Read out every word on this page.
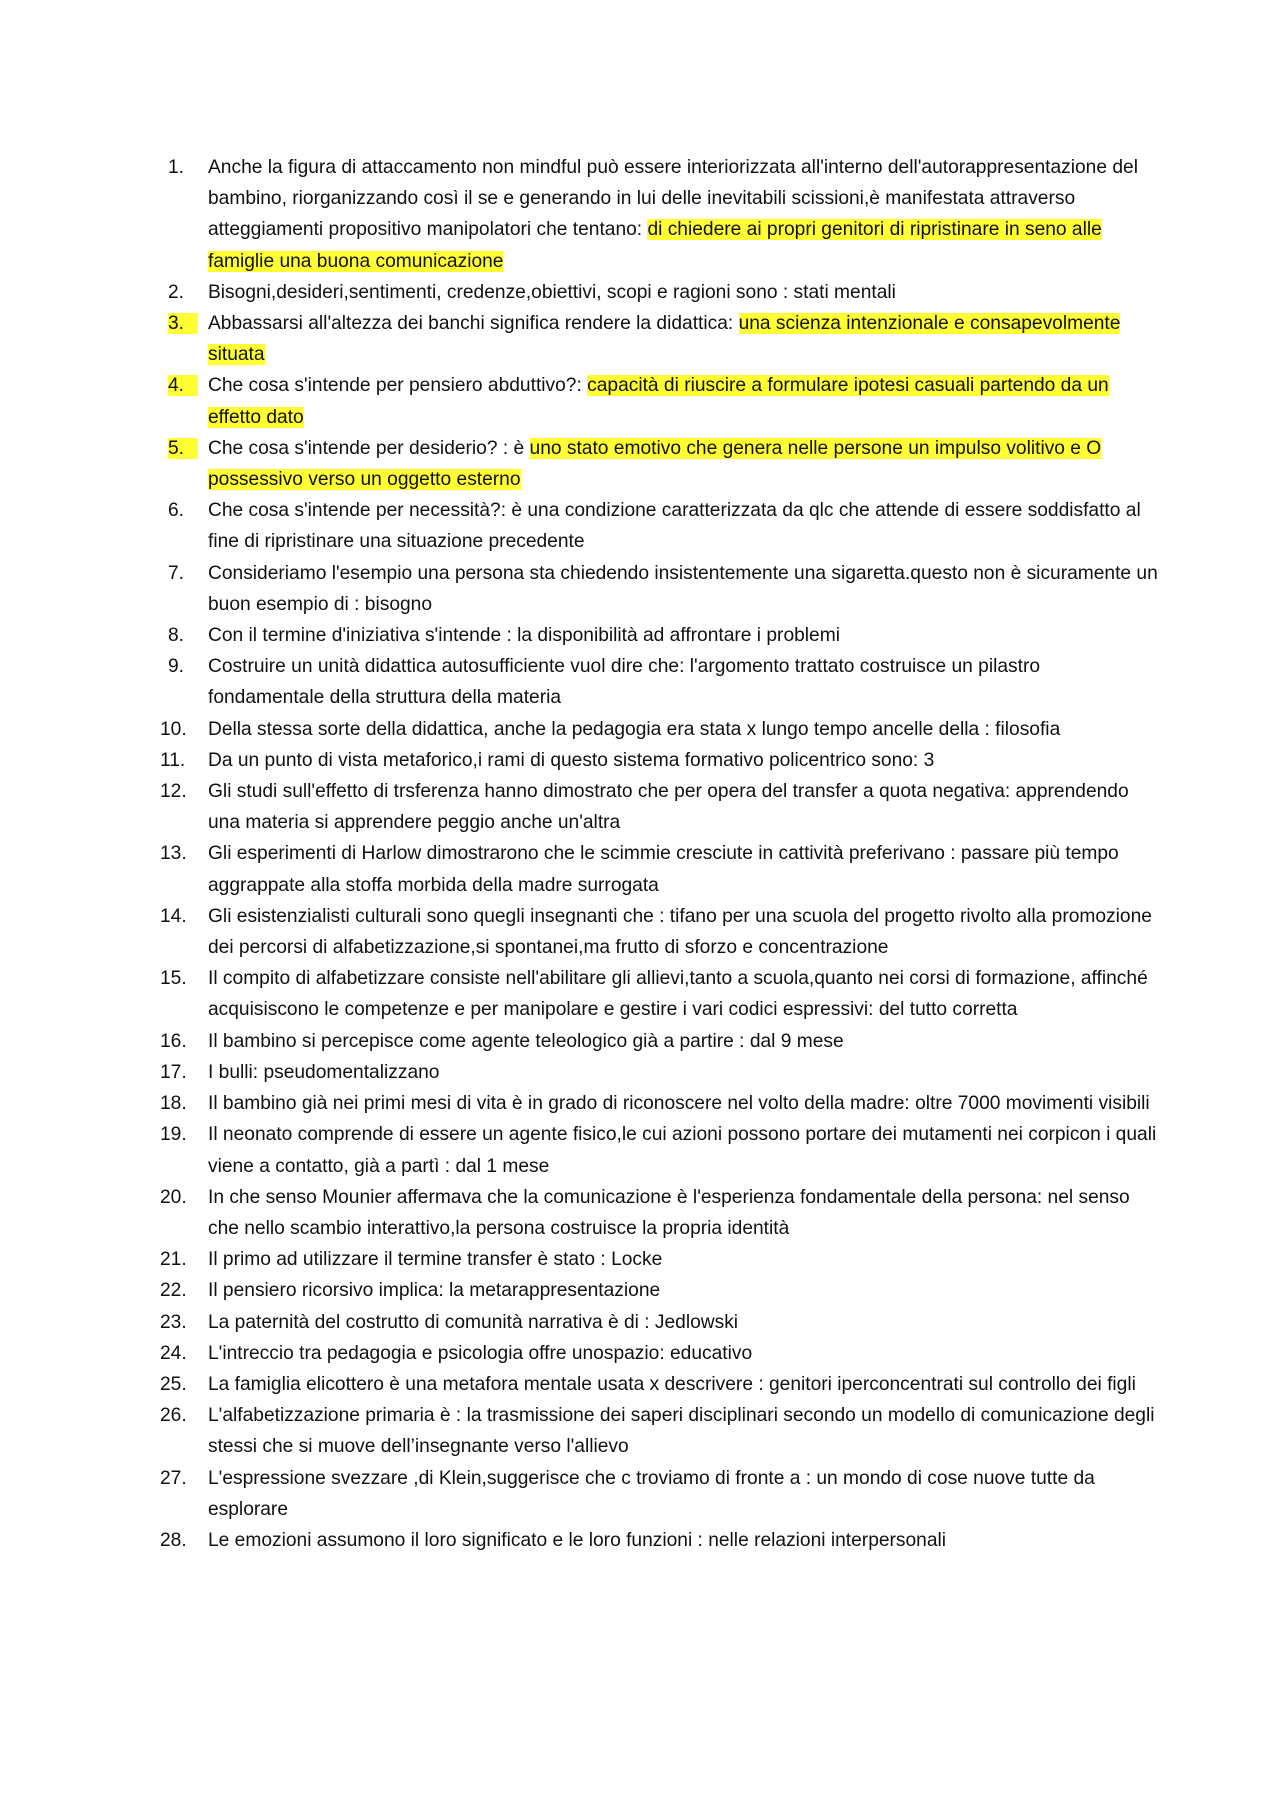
1.	Anche la figura di attaccamento non mindful può essere interiorizzata all'interno dell'autorappresentazione del bambino, riorganizzando così il se e generando in lui delle inevitabili scissioni,è manifestata attraverso atteggiamenti propositivo manipolatori che tentano: di chiedere ai propri genitori di ripristinare in seno alle famiglie una buona comunicazione
2.	Bisogni,desideri,sentimenti, credenze,obiettivi, scopi e ragioni sono : stati mentali
3.	Abbassarsi all'altezza dei banchi significa rendere la didattica: una scienza intenzionale e consapevolmente situata
4.	Che cosa s'intende per pensiero abduttivo?: capacità di riuscire a formulare ipotesi casuali partendo da un effetto dato
5.	Che cosa s'intende per desiderio? : è uno stato emotivo che genera nelle persone un impulso volitivo e O possessivo verso un oggetto esterno
6.	Che cosa s'intende per necessità?: è una condizione caratterizzata da qlc che attende di essere soddisfatto al fine di ripristinare una situazione precedente
7.	Consideriamo l'esempio una persona sta chiedendo insistentemente una sigaretta.questo non è sicuramente un buon esempio di : bisogno
8.	Con il termine d'iniziativa s'intende : la disponibilità ad affrontare i problemi
9.	Costruire un unità didattica autosufficiente vuol dire che: l'argomento trattato costruisce un pilastro fondamentale della struttura della materia
10.	Della stessa sorte della didattica, anche la pedagogia era stata x lungo tempo ancelle della : filosofia
11.	Da un punto di vista metaforico,i rami di questo sistema formativo policentrico sono: 3
12.	Gli studi sull'effetto di trsferenza hanno dimostrato che per opera del transfer a quota negativa: apprendendo una materia si apprendere peggio anche un'altra
13.	Gli esperimenti di Harlow dimostrarono che le scimmie cresciute in cattività preferivano : passare più tempo aggrappate alla stoffa morbida della madre surrogata
14.	Gli esistenzialisti culturali sono quegli insegnanti che : tifano per una scuola del progetto rivolto alla promozione dei percorsi di alfabetizzazione,si spontanei,ma frutto di sforzo e concentrazione
15.	Il compito di alfabetizzare consiste nell'abilitare gli allievi,tanto a scuola,quanto nei corsi di formazione, affinché acquisiscono le competenze e per manipolare e gestire i vari codici espressivi: del tutto corretta
16.	Il bambino si percepisce come agente teleologico già a partire : dal 9 mese
17.	I bulli: pseudomentalizzano
18.	Il bambino già nei primi mesi di vita è in grado di riconoscere nel volto della madre: oltre 7000 movimenti visibili
19.	Il neonato comprende di essere un agente fisico,le cui azioni possono portare dei mutamenti nei corpicon i quali viene a contatto, già a partì : dal 1 mese
20.	In che senso Mounier affermava che la comunicazione è l'esperienza fondamentale della persona: nel senso che nello scambio interattivo,la persona costruisce la propria identità
21.	Il primo ad utilizzare il termine transfer è stato : Locke
22.	Il pensiero ricorsivo implica: la metarappresentazione
23.	La paternità del costrutto di comunità narrativa è di : Jedlowski
24.	L'intreccio tra pedagogia e psicologia offre unospazio: educativo
25.	La famiglia elicottero è una metafora mentale usata x descrivere : genitori iperconcentrati sul controllo dei figli
26.	L'alfabetizzazione primaria è : la trasmissione dei saperi disciplinari secondo un modello di comunicazione degli stessi che si muove dell’insegnante verso l'allievo
27.	L'espressione svezzare ,di Klein,suggerisce che c troviamo di fronte a : un mondo di cose nuove tutte da esplorare
28.	Le emozioni assumono il loro significato e le loro funzioni : nelle relazioni interpersonali
